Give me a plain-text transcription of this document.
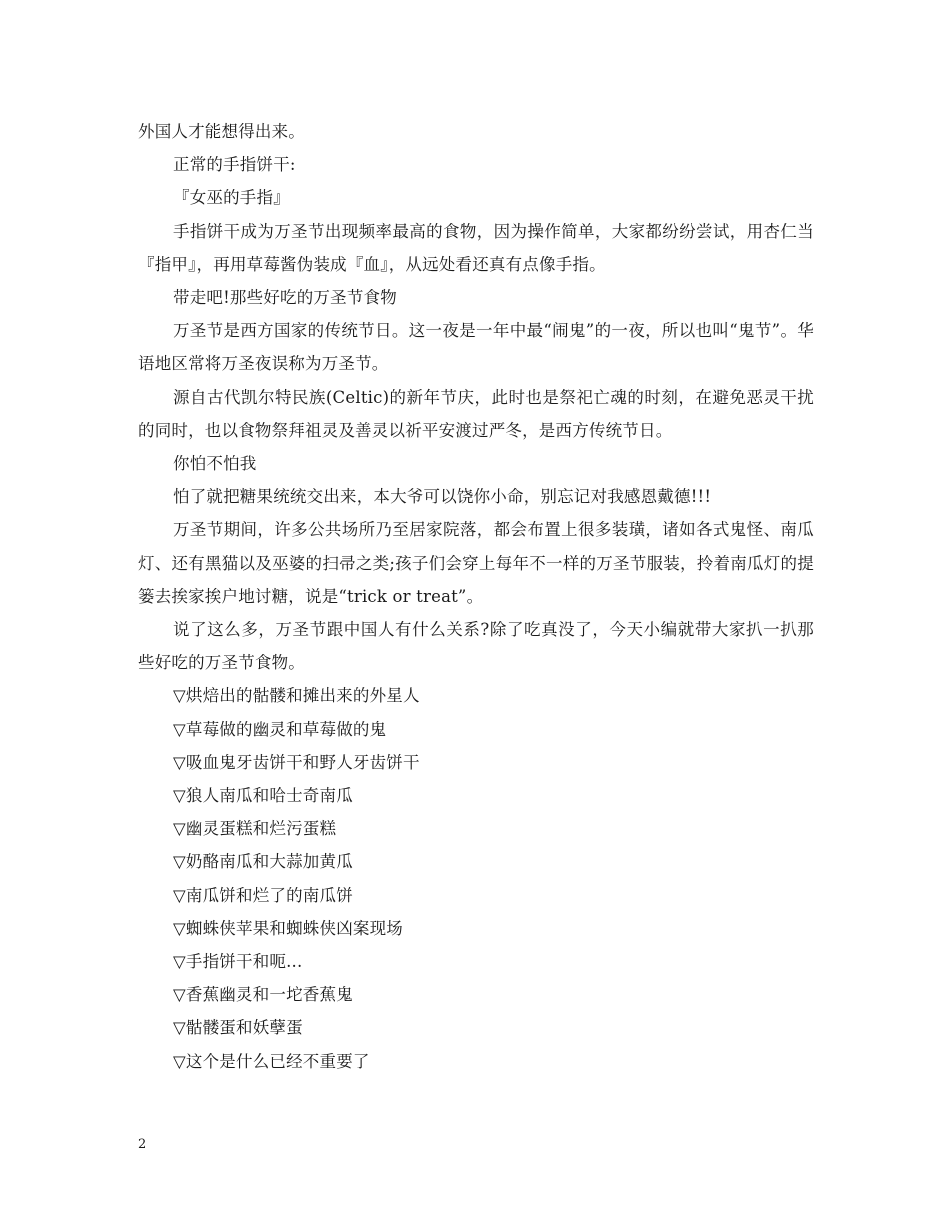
外国人才能想得出来。

正常的手指饼干:

『女巫的手指』

手指饼干成为万圣节出现频率最高的食物，因为操作简单，大家都纷纷尝试，用杏仁当『指甲』，再用草莓酱伪装成『血』，从远处看还真有点像手指。

带走吧!那些好吃的万圣节食物

万圣节是西方国家的传统节日。这一夜是一年中最“闹鬼”的一夜，所以也叫“鬼节”。华语地区常将万圣夜误称为万圣节。

源自古代凯尔特民族(Celtic)的新年节庆，此时也是祭祀亡魂的时刻，在避免恶灵干扰的同时，也以食物祭拜祖灵及善灵以祈平安渡过严冬，是西方传统节日。

你怕不怕我

怕了就把糖果统统交出来，本大爷可以饶你小命，别忘记对我感恩戴德!!!

万圣节期间，许多公共场所乃至居家院落，都会布置上很多装璜，诸如各式鬼怪、南瓜灯、还有黑猫以及巫婆的扫帚之类;孩子们会穿上每年不一样的万圣节服装，拎着南瓜灯的提篓去挨家挨户地讨糖，说是“trick or treat”。

说了这么多，万圣节跟中国人有什么关系?除了吃真没了，今天小编就带大家扒一扒那些好吃的万圣节食物。

▽烘焙出的骷髅和摊出来的外星人

▽草莓做的幽灵和草莓做的鬼

▽吸血鬼牙齿饼干和野人牙齿饼干

▽狼人南瓜和哈士奇南瓜

▽幽灵蛋糕和烂污蛋糕

▽奶酪南瓜和大蒜加黄瓜

▽南瓜饼和烂了的南瓜饼

▽蜘蛛侠苹果和蜘蛛侠凶案现场

▽手指饼干和呃...

▽香蕉幽灵和一坨香蕉鬼

▽骷髅蛋和妖孽蛋

▽这个是什么已经不重要了

2
